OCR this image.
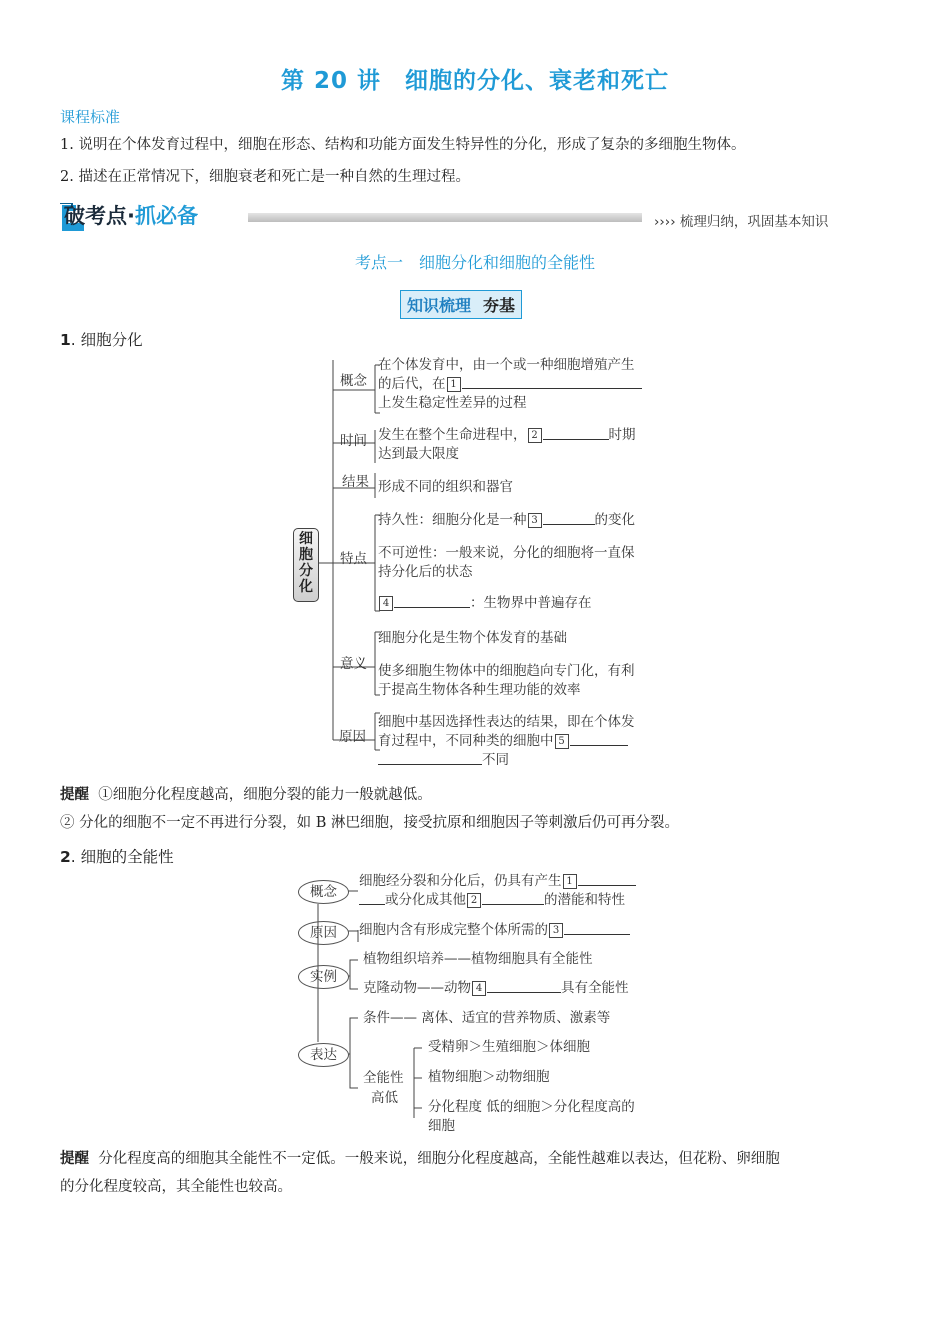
第 20 讲　细胞的分化、衰老和死亡
课程标准
1. 说明在个体发育过程中，细胞在形态、结构和功能方面发生特异性的分化，形成了复杂的多细胞生物体。
2. 描述在正常情况下，细胞衰老和死亡是一种自然的生理过程。
破考点·抓必备	›››› 梳理归纳，巩固基本知识
考点一　细胞分化和细胞的全能性
知识梳理 夯基
1. 细胞分化
细
胞
分
化
概念
在个体发育中，由一个或一种细胞增殖产生
的后代，在 1
上发生稳定性差异的过程
时间 发生在整个生命进程中， 2	时期
达到最大限度
结果 形成不同的组织和器官
特点
持久性：细胞分化是一种 3	的变化
不可逆性：一般来说，分化的细胞将一直保
持分化后的状态
4	：生物界中普遍存在
意义
细胞分化是生物个体发育的基础
使多细胞生物体中的细胞趋向专门化，有利
于提高生物体各种生理功能的效率
原因
细胞中基因选择性表达的结果，即在个体发
育过程中，不同种类的细胞中 5
不同
提醒 ①细胞分化程度越高，细胞分裂的能力一般就越低。
② 分化的细胞不一定不再进行分裂，如 B 淋巴细胞，接受抗原和细胞因子等刺激后仍可再分裂。
2. 细胞的全能性
概念
原因
实例
表达
细胞经分裂和分化后，仍具有产生 1
或分化成其他 2	的潜能和特性
细胞内含有形成完整个体所需的 3
植物组织培养——植物细胞具有全能性
克隆动物——动物 4	具有全能性
条件—— 离体、适宜的营养物质、激素等
全能性
高低
受精卵＞生殖细胞＞体细胞
植物细胞＞动物细胞
分化程度 低的细胞＞分化程度高的
细胞
提醒 分化程度高的细胞其全能性不一定低。一般来说，细胞分化程度越高，全能性越难以表达，但花粉、卵细胞
的分化程度较高，其全能性也较高。
